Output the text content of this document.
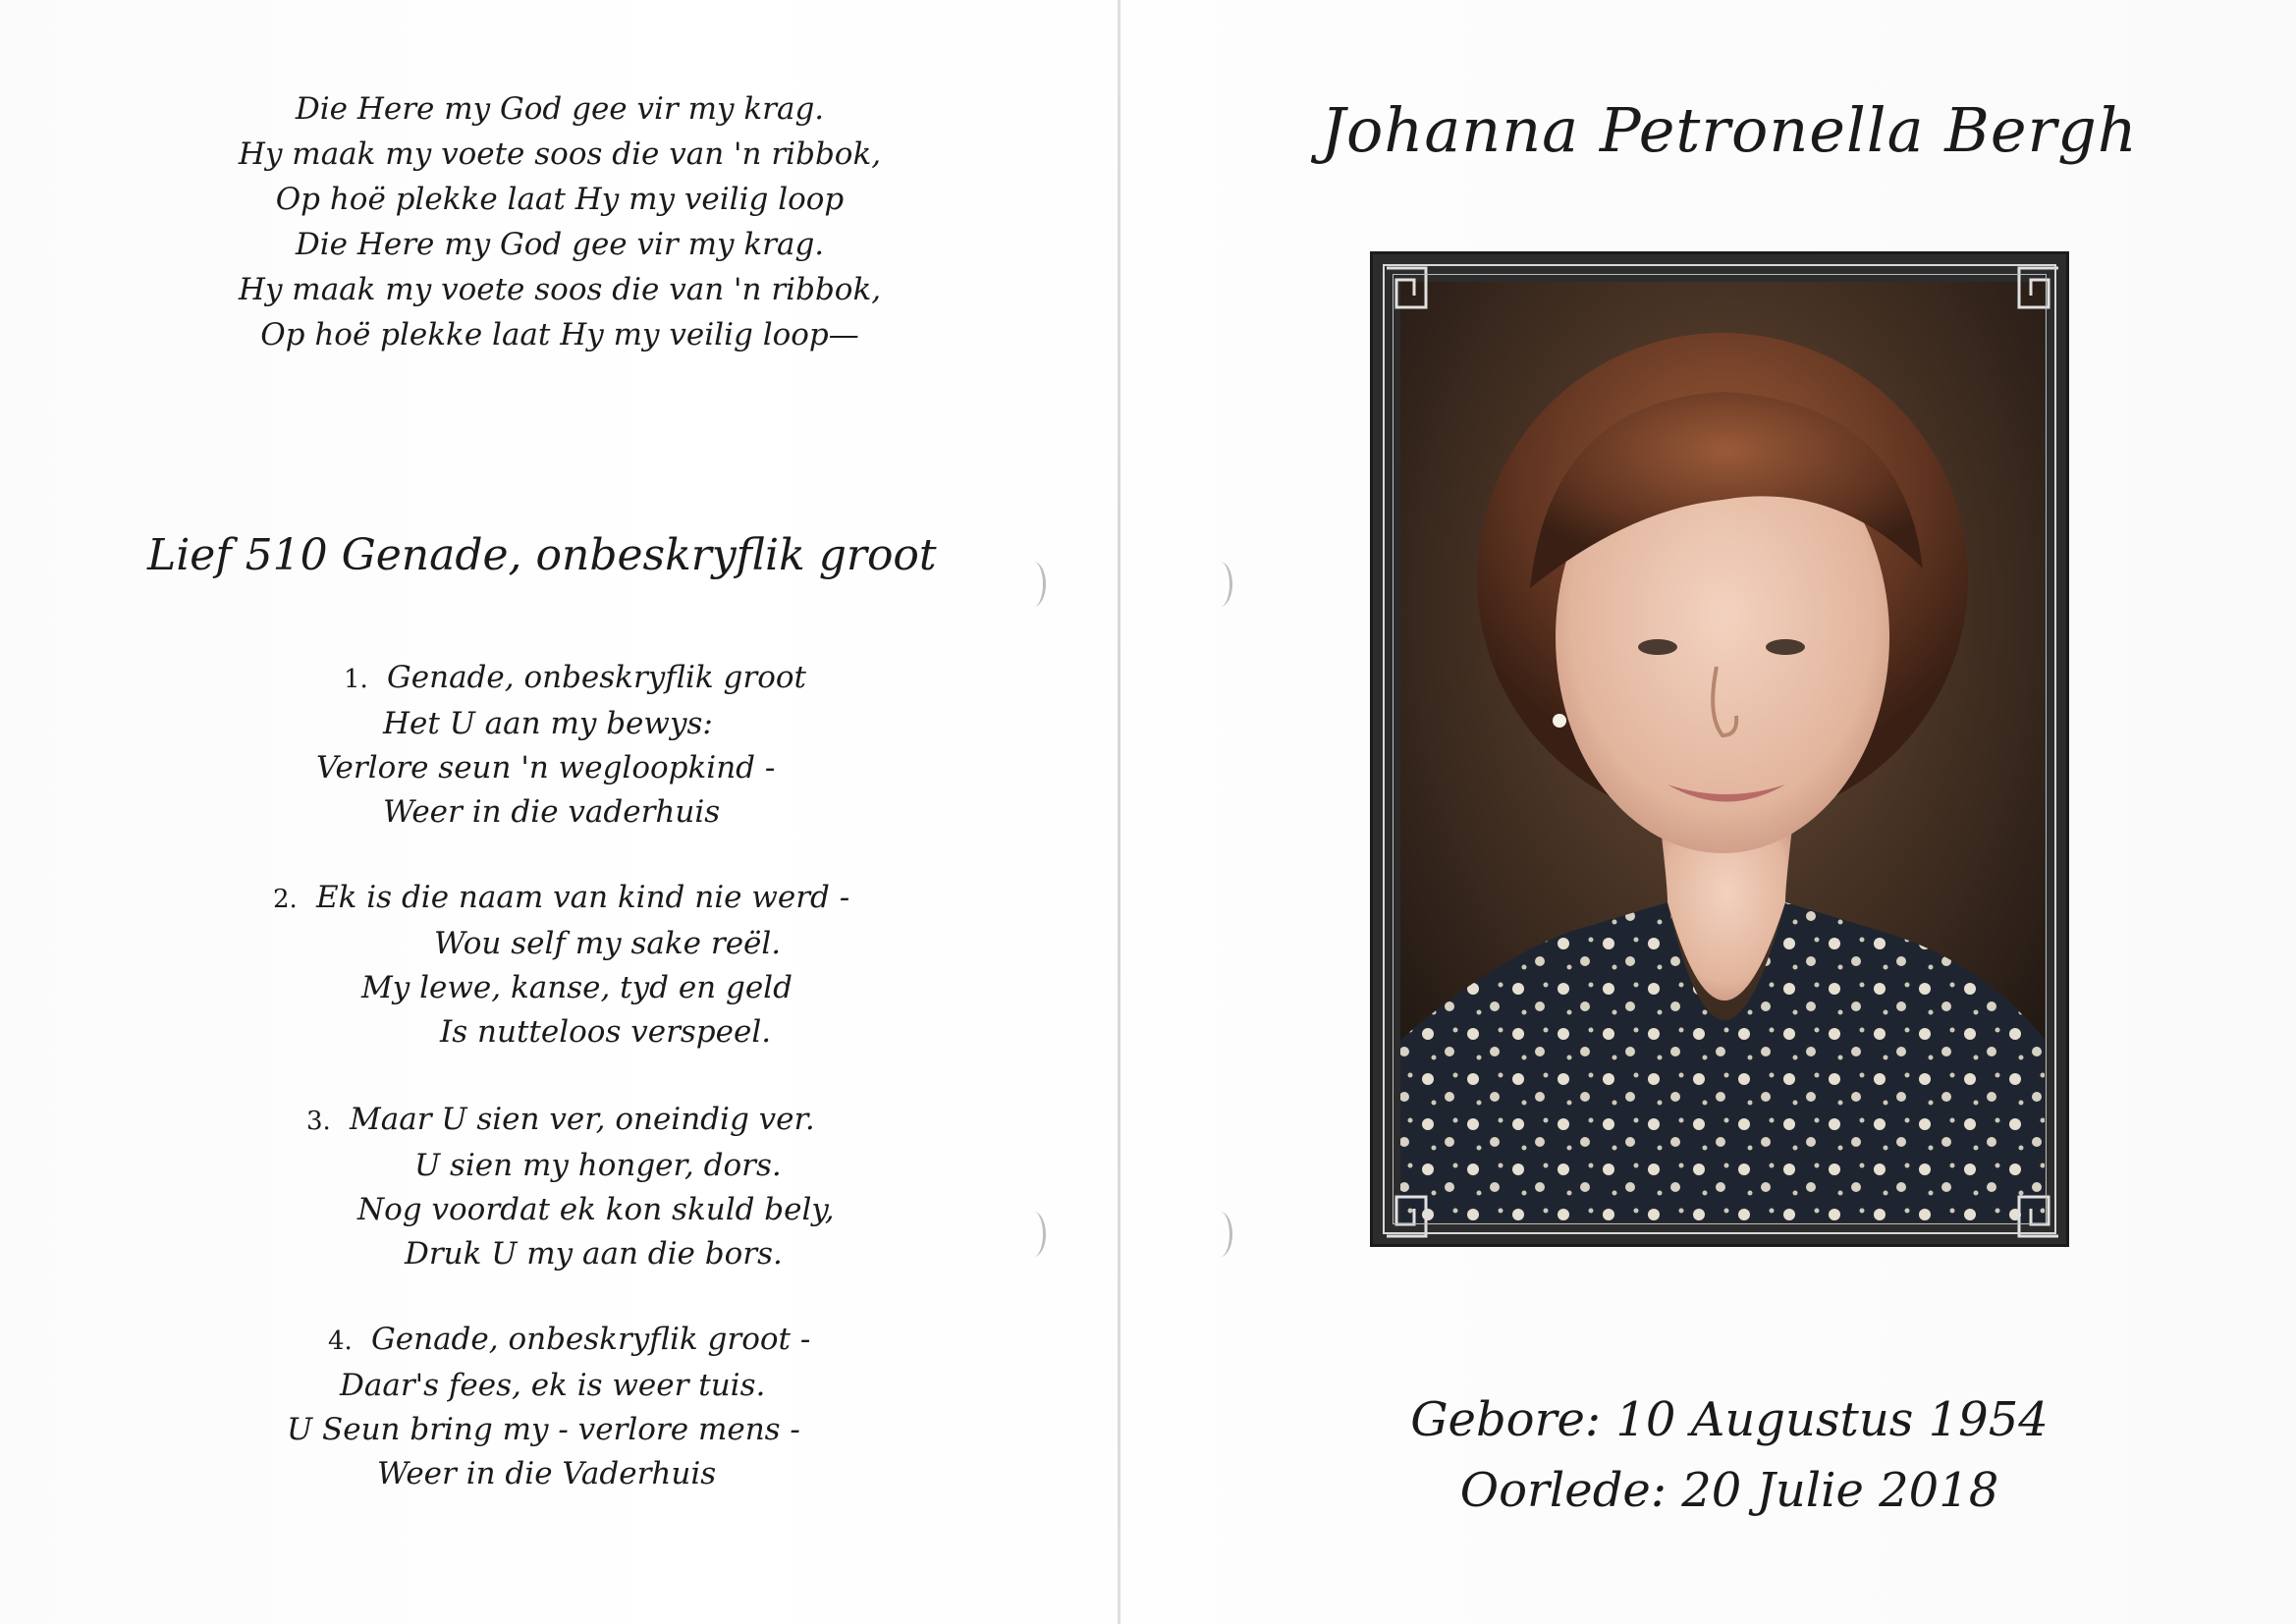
Die Here my God gee vir my krag.
Hy maak my voete soos die van 'n ribbok,
Op hoë plekke laat Hy my veilig loop
Die Here my God gee vir my krag.
Hy maak my voete soos die van 'n ribbok,
Op hoë plekke laat Hy my veilig loop—
Lief 510 Genade, onbeskryflik groot
1. Genade, onbeskryflik groot
Het U aan my bewys:
Verlore seun 'n wegloopkind -
Weer in die vaderhuis
2. Ek is die naam van kind nie werd -
Wou self my sake reël.
My lewe, kanse, tyd en geld
Is nutteloos verspeel.
3. Maar U sien ver, oneindig ver.
U sien my honger, dors.
Nog voordat ek kon skuld bely,
Druk U my aan die bors.
4. Genade, onbeskryflik groot -
Daar's fees, ek is weer tuis.
U Seun bring my - verlore mens -
Weer in die Vaderhuis
Johanna Petronella Bergh
Gebore: 10 Augustus 1954
Oorlede: 20 Julie 2018
